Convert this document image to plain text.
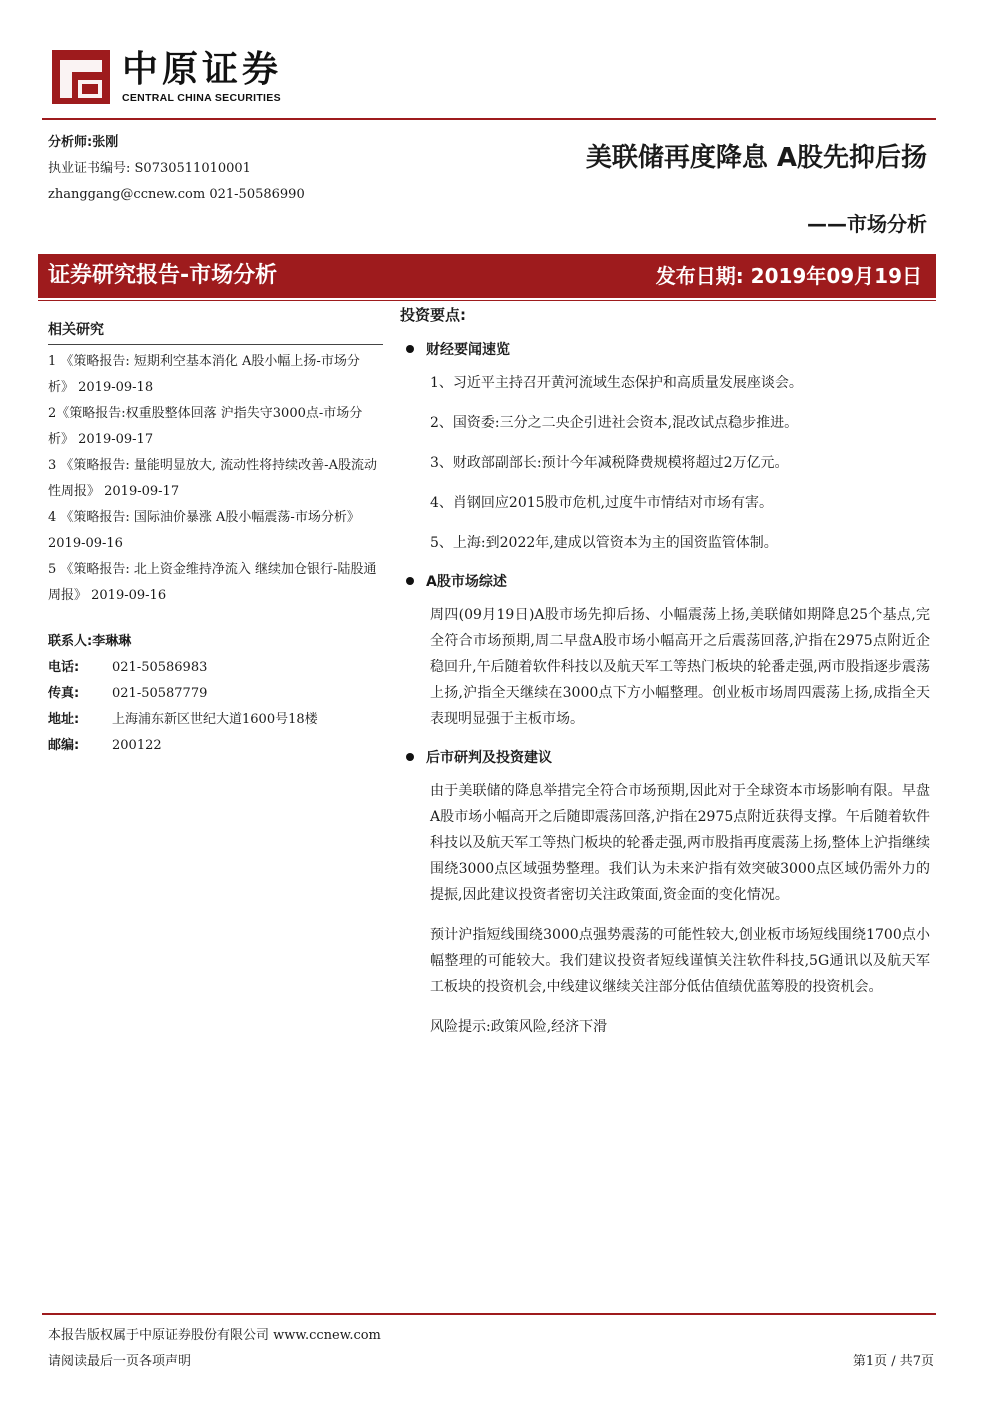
中原证券
CENTRAL CHINA SECURITIES
分析师:张刚
执业证书编号: S0730511010001
zhanggang@ccnew.com 021-50586990
美联储再度降息 A股先抑后扬
——市场分析
证券研究报告-市场分析	发布日期: 2019年09月19日
相关研究
1 《策略报告: 短期利空基本消化 A股小幅上扬-市场分析》 2019-09-18
2《策略报告:权重股整体回落 沪指失守3000点-市场分析》 2019-09-17
3 《策略报告: 量能明显放大, 流动性将持续改善-A股流动性周报》 2019-09-17
4 《策略报告: 国际油价暴涨 A股小幅震荡-市场分析》 2019-09-16
5 《策略报告: 北上资金维持净流入 继续加仓银行-陆股通周报》 2019-09-16
联系人:李琳琳
电话:	021-50586983
传真:	021-50587779
地址:	上海浦东新区世纪大道1600号18楼
邮编:	200122
投资要点:
财经要闻速览
1、习近平主持召开黄河流域生态保护和高质量发展座谈会。
2、国资委:三分之二央企引进社会资本,混改试点稳步推进。
3、财政部副部长:预计今年减税降费规模将超过2万亿元。
4、肖钢回应2015股市危机,过度牛市情结对市场有害。
5、上海:到2022年,建成以管资本为主的国资监管体制。
A股市场综述
周四(09月19日)A股市场先抑后扬、小幅震荡上扬,美联储如期降息25个基点,完全符合市场预期,周二早盘A股市场小幅高开之后震荡回落,沪指在2975点附近企稳回升,午后随着软件科技以及航天军工等热门板块的轮番走强,两市股指逐步震荡上扬,沪指全天继续在3000点下方小幅整理。创业板市场周四震荡上扬,成指全天表现明显强于主板市场。
后市研判及投资建议
由于美联储的降息举措完全符合市场预期,因此对于全球资本市场影响有限。早盘A股市场小幅高开之后随即震荡回落,沪指在2975点附近获得支撑。午后随着软件科技以及航天军工等热门板块的轮番走强,两市股指再度震荡上扬,整体上沪指继续围绕3000点区域强势整理。我们认为未来沪指有效突破3000点区域仍需外力的提振,因此建议投资者密切关注政策面,资金面的变化情况。
预计沪指短线围绕3000点强势震荡的可能性较大,创业板市场短线围绕1700点小幅整理的可能较大。我们建议投资者短线谨慎关注软件科技,5G通讯以及航天军工板块的投资机会,中线建议继续关注部分低估值绩优蓝筹股的投资机会。
风险提示:政策风险,经济下滑
本报告版权属于中原证券股份有限公司 www.ccnew.com
请阅读最后一页各项声明	第1页 / 共7页
